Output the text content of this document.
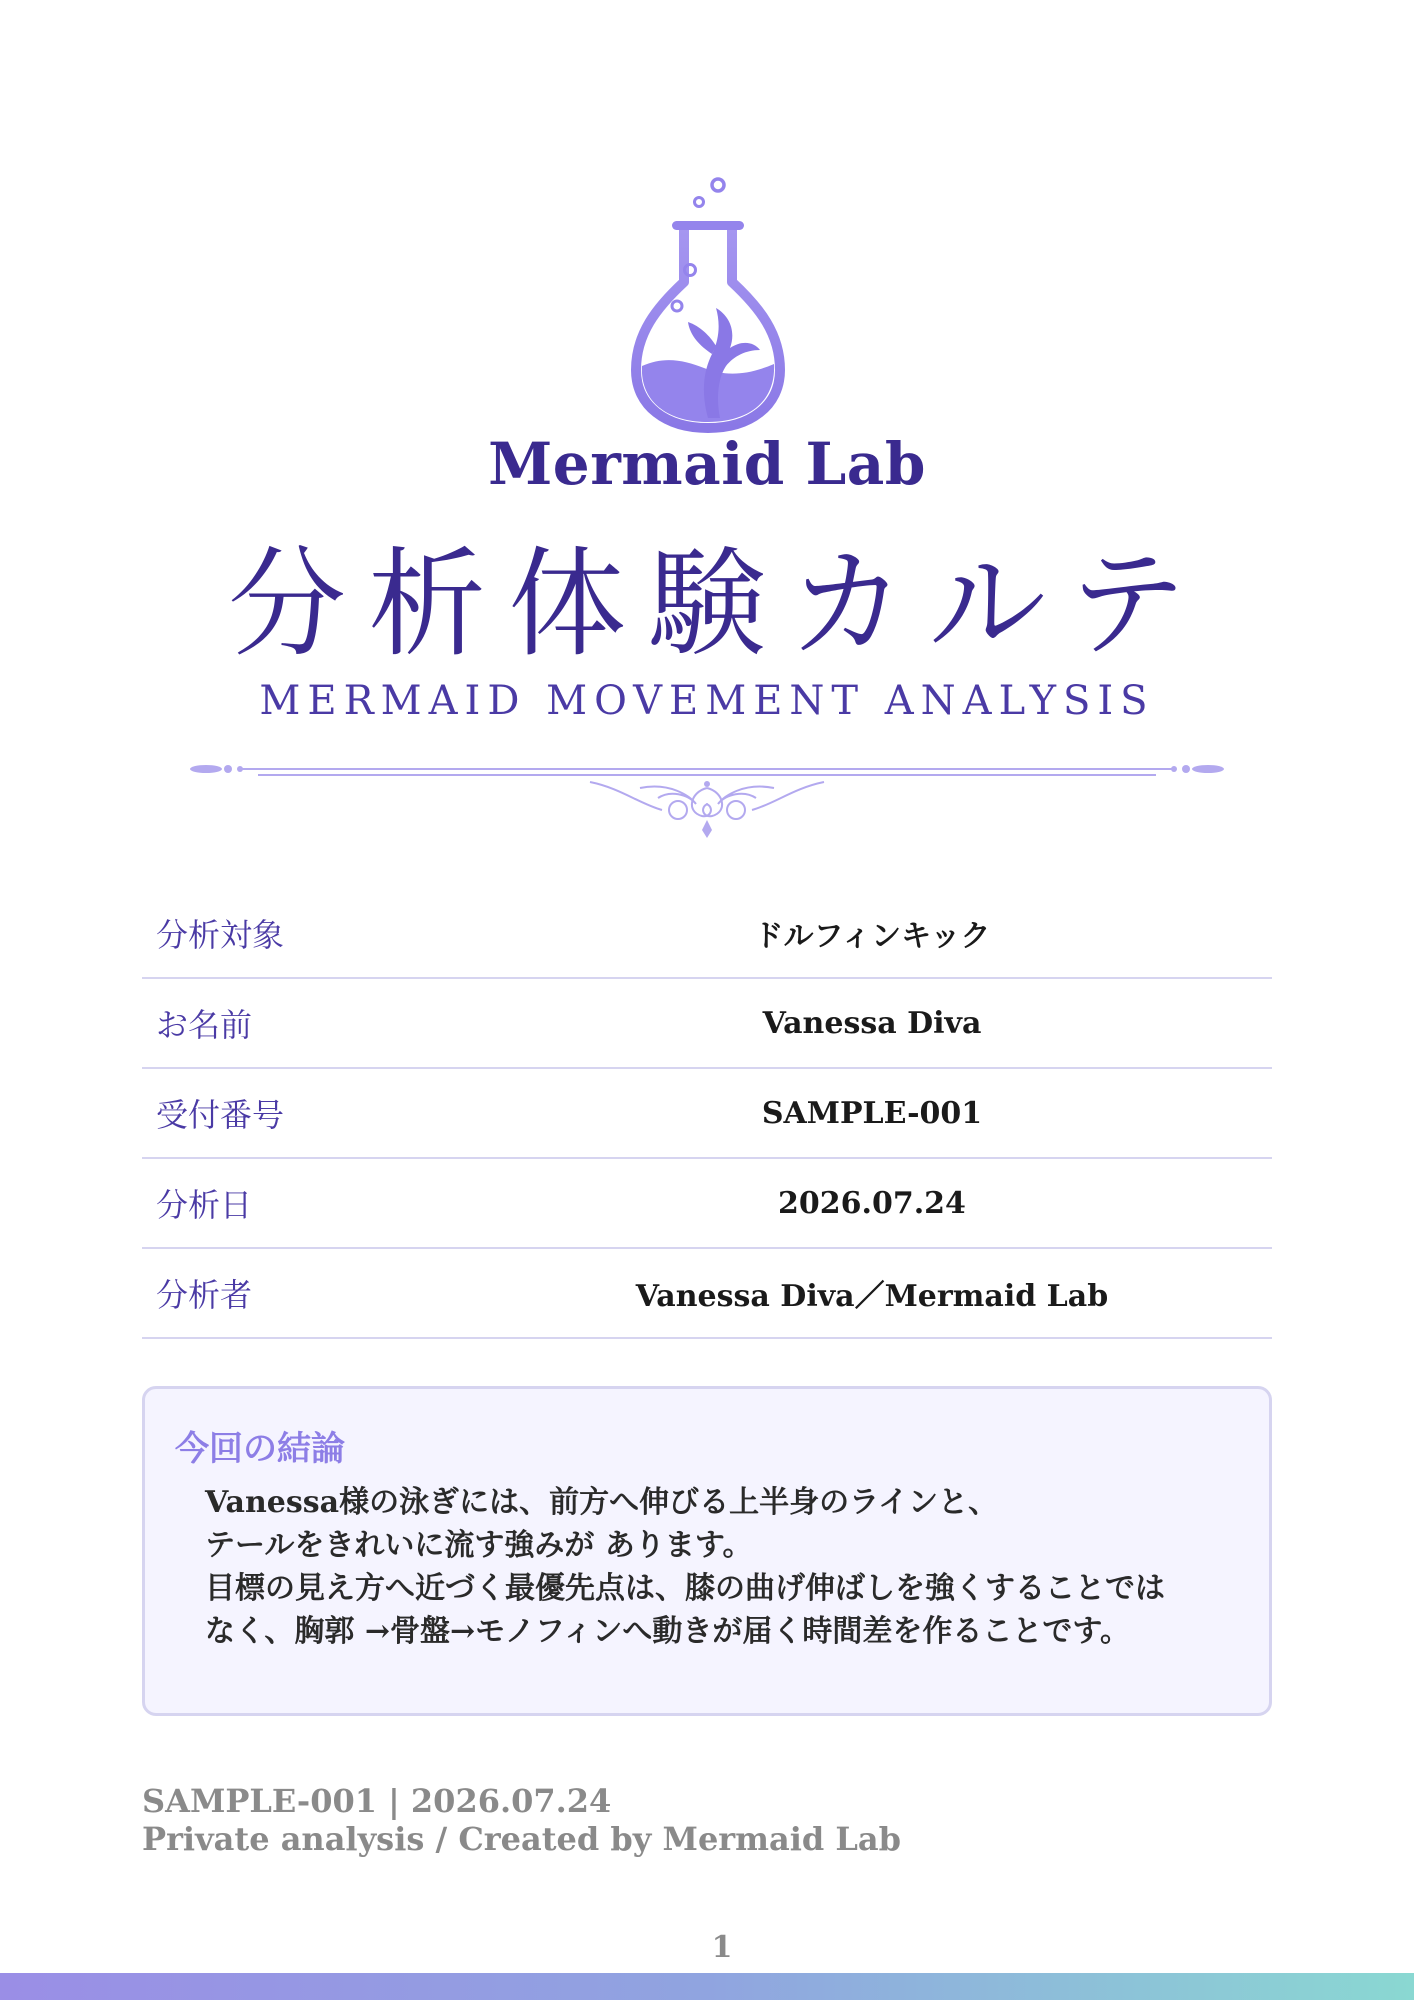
Mermaid Lab
分析体験カルテ
MERMAID MOVEMENT ANALYSIS
分析対象	ドルフィンキック
お名前	Vanessa Diva
受付番号	SAMPLE-001
分析日	2026.07.24
分析者	Vanessa Diva／Mermaid Lab
今回の結論
Vanessa様の泳ぎには、前方へ伸びる上半身のラインと、
テールをきれいに流す強みが あります。
目標の見え方へ近づく最優先点は、膝の曲げ伸ばしを強くすることでは
なく、胸郭 →骨盤→モノフィンへ動きが届く時間差を作ることです。
SAMPLE-001 | 2026.07.24
Private analysis / Created by Mermaid Lab
1
